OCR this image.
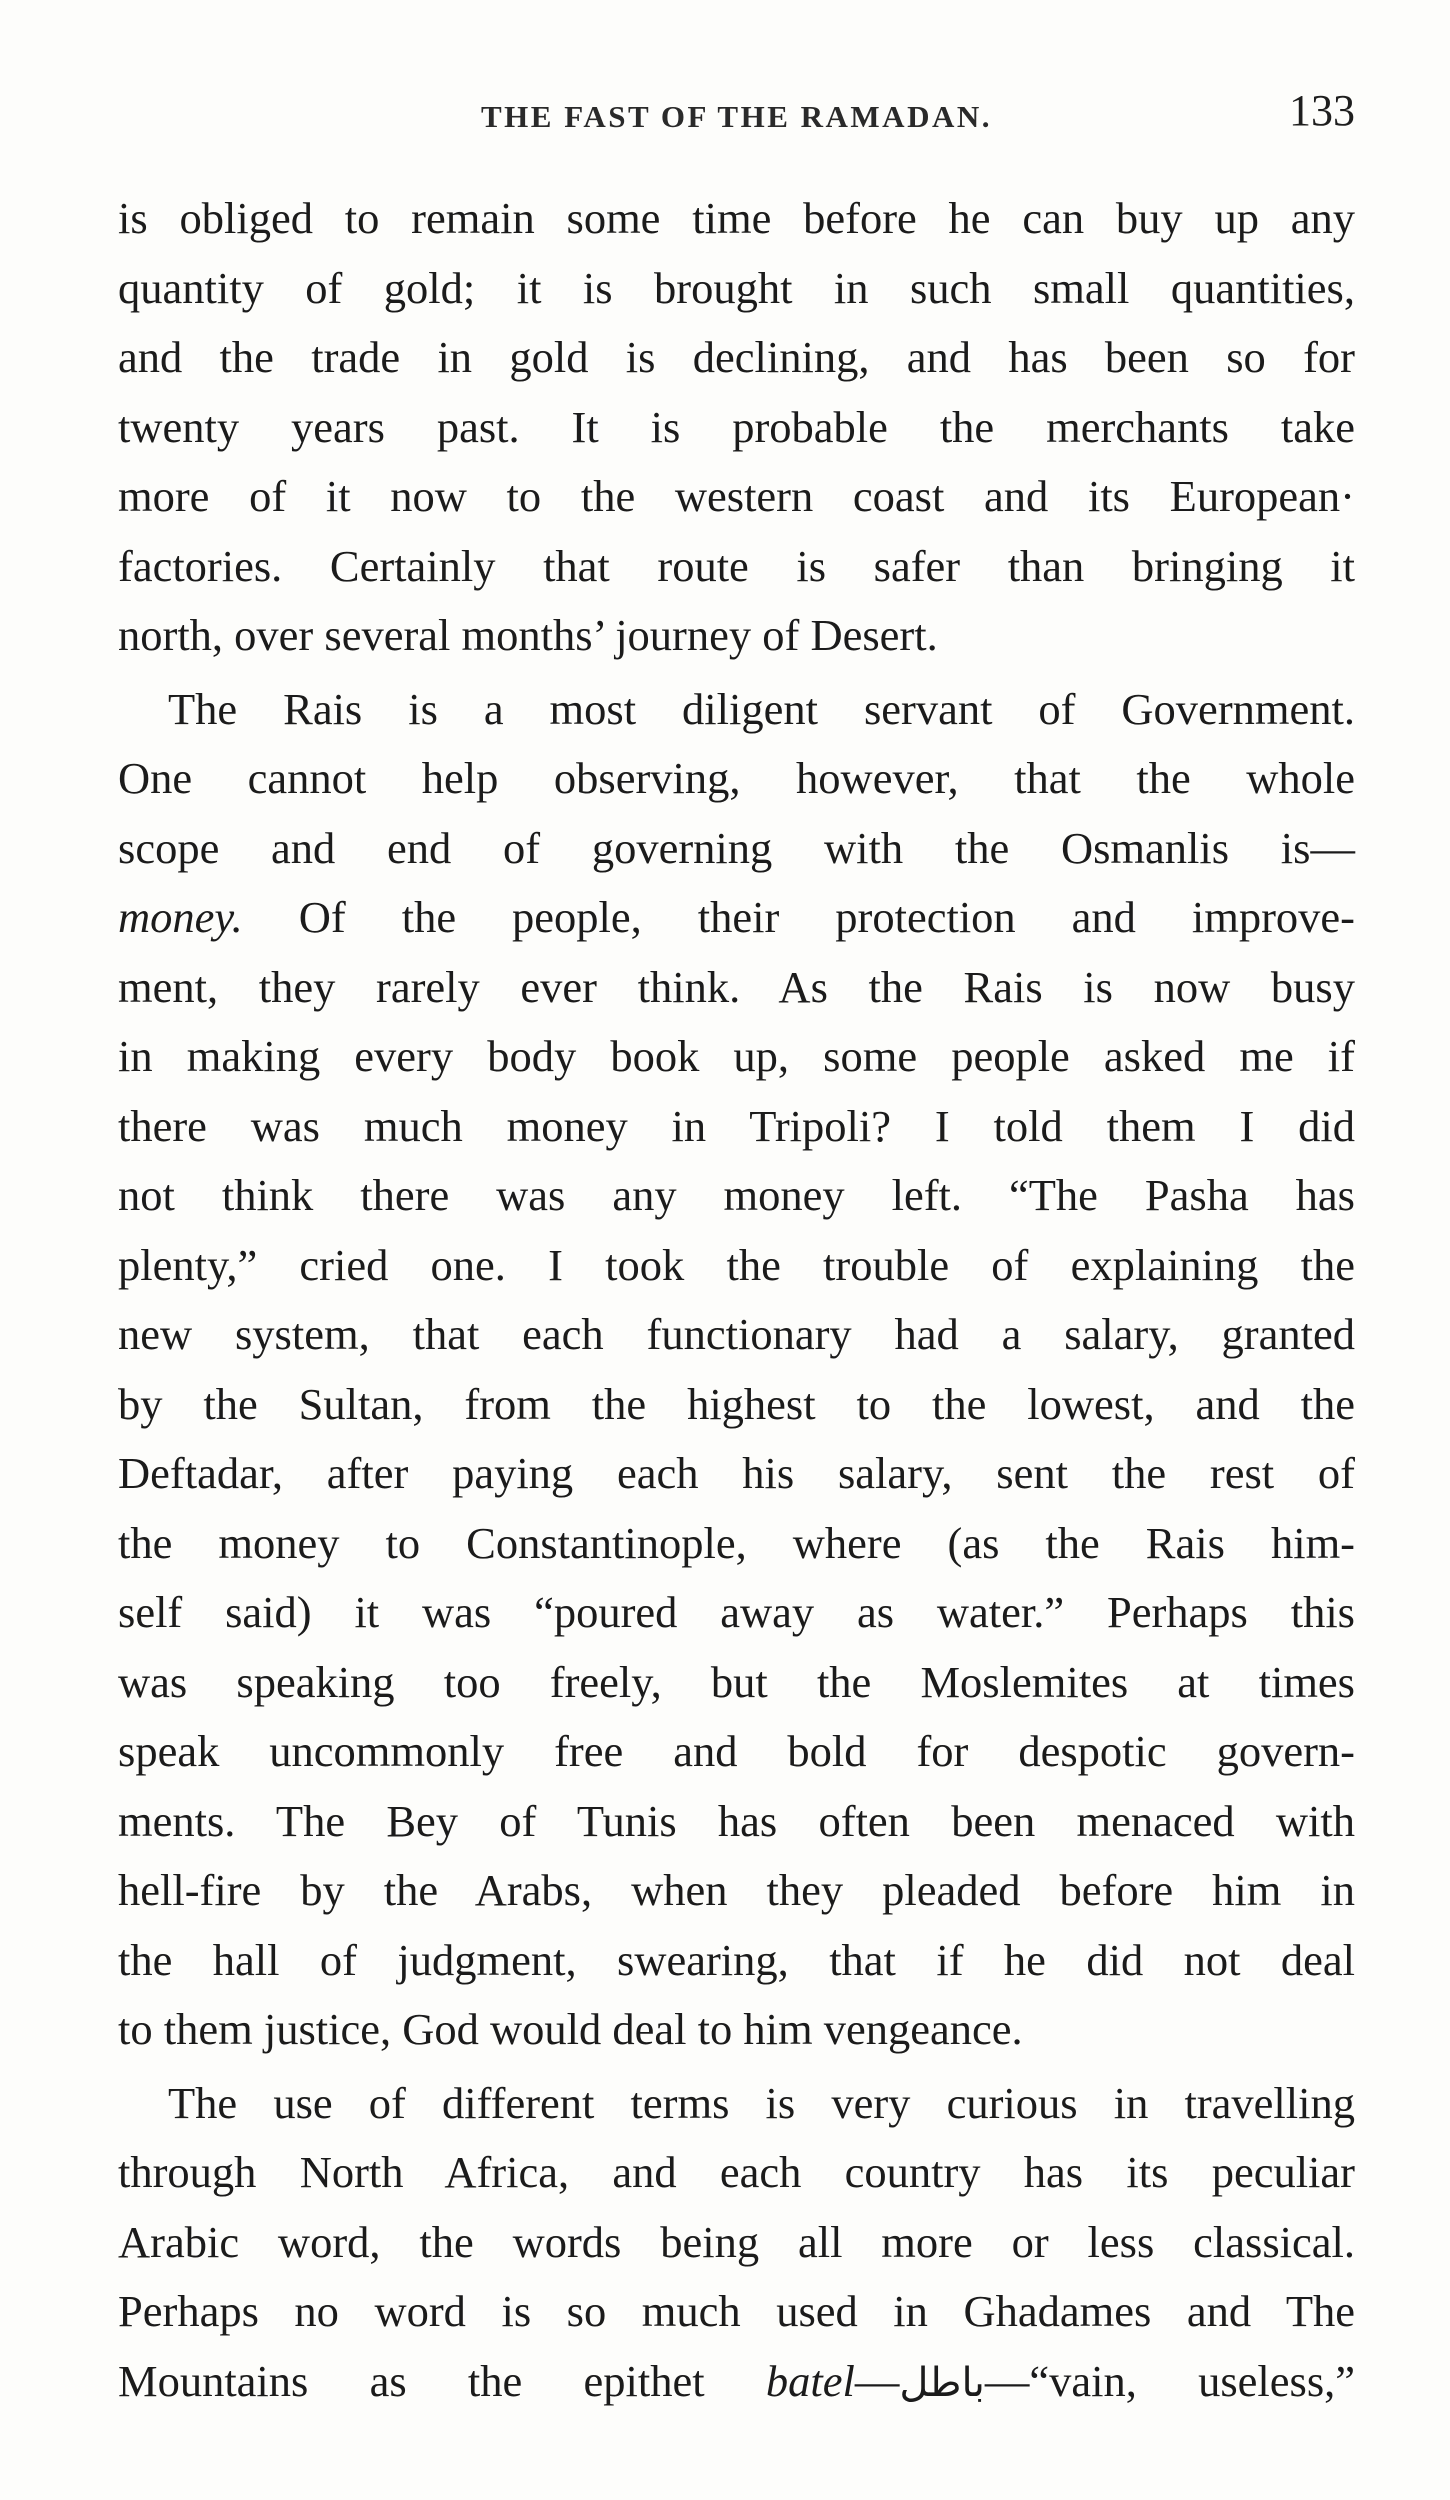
THE FAST OF THE RAMADAN.	133
is obliged to remain some time before he can buy up any
quantity of gold; it is brought in such small quantities,
and the trade in gold is declining, and has been so for
twenty years past. It is probable the merchants take
more of it now to the western coast and its European·
factories. Certainly that route is safer than bringing it
north, over several months’ journey of Desert.
The Rais is a most diligent servant of Government.
One cannot help observing, however, that the whole
scope and end of governing with the Osmanlis is—
money. Of the people, their protection and improve-
ment, they rarely ever think. As the Rais is now busy
in making every body book up, some people asked me if
there was much money in Tripoli? I told them I did
not think there was any money left. “The Pasha has
plenty,” cried one. I took the trouble of explaining the
new system, that each functionary had a salary, granted
by the Sultan, from the highest to the lowest, and the
Deftadar, after paying each his salary, sent the rest of
the money to Constantinople, where (as the Rais him-
self said) it was “poured away as water.” Perhaps this
was speaking too freely, but the Moslemites at times
speak uncommonly free and bold for despotic govern-
ments. The Bey of Tunis has often been menaced with
hell-fire by the Arabs, when they pleaded before him in
the hall of judgment, swearing, that if he did not deal
to them justice, God would deal to him vengeance.
The use of different terms is very curious in travelling
through North Africa, and each country has its peculiar
Arabic word, the words being all more or less classical.
Perhaps no word is so much used in Ghadames and The
Mountains as the epithet batel—باطل—“vain, useless,”
